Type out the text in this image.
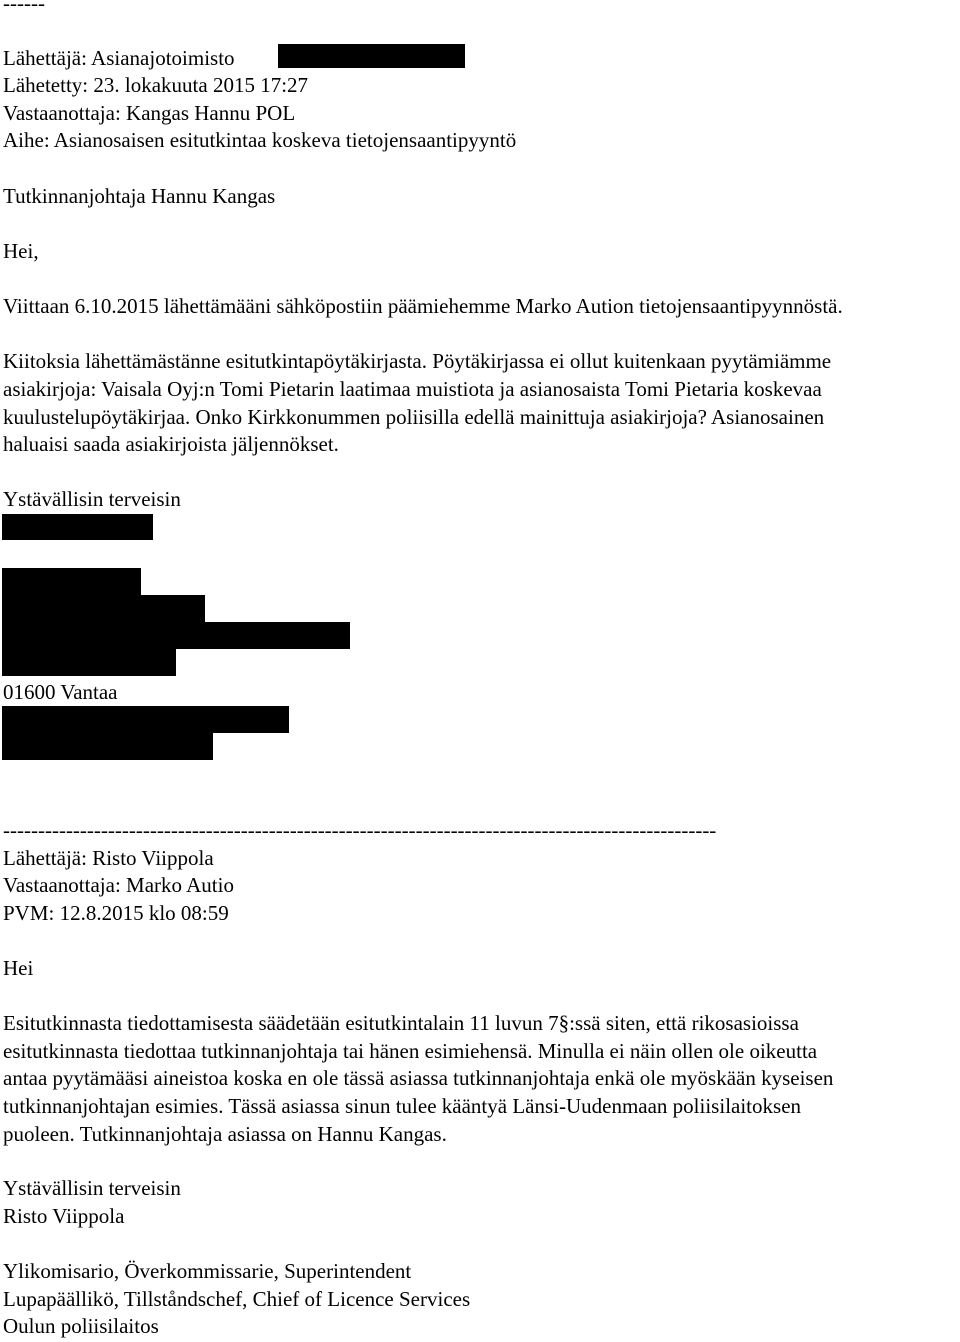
------
Lähettäjä: Asianajotoimisto
Lähetetty: 23. lokakuuta 2015 17:27
Vastaanottaja: Kangas Hannu POL
Aihe: Asianosaisen esitutkintaa koskeva tietojensaantipyyntö
Tutkinnanjohtaja Hannu Kangas
Hei,
Viittaan 6.10.2015 lähettämääni sähköpostiin päämiehemme Marko Aution tietojensaantipyynnöstä.
Kiitoksia lähettämästänne esitutkintapöytäkirjasta. Pöytäkirjassa ei ollut kuitenkaan pyytämiämme
asiakirjoja: Vaisala Oyj:n Tomi Pietarin laatimaa muistiota ja asianosaista Tomi Pietaria koskevaa
kuulustelupöytäkirjaa. Onko Kirkkonummen poliisilla edellä mainittuja asiakirjoja? Asianosainen
haluaisi saada asiakirjoista jäljennökset.
Ystävällisin terveisin
01600 Vantaa
------------------------------------------------------------------------------------------------------
Lähettäjä: Risto Viippola
Vastaanottaja: Marko Autio
PVM: 12.8.2015 klo 08:59
Hei
Esitutkinnasta tiedottamisesta säädetään esitutkintalain 11 luvun 7§:ssä siten, että rikosasioissa
esitutkinnasta tiedottaa tutkinnanjohtaja tai hänen esimiehensä. Minulla ei näin ollen ole oikeutta
antaa pyytämääsi aineistoa koska en ole tässä asiassa tutkinnanjohtaja enkä ole myöskään kyseisen
tutkinnanjohtajan esimies. Tässä asiassa sinun tulee kääntyä Länsi-Uudenmaan poliisilaitoksen
puoleen. Tutkinnanjohtaja asiassa on Hannu Kangas.
Ystävällisin terveisin
Risto Viippola
Ylikomisario, Överkommissarie, Superintendent
Lupapäällikö, Tillståndschef, Chief of Licence Services
Oulun poliisilaitos
